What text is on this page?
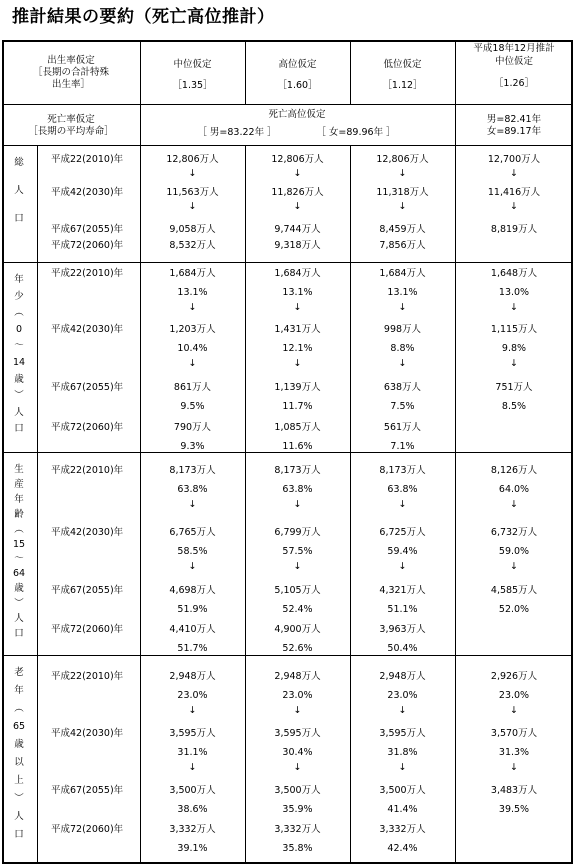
推計結果の要約（死亡高位推計）
出生率仮定
［長期の合計特殊
出生率］
中位仮定
［1.35］
高位仮定
［1.60］
低位仮定
［1.12］
平成18年12月推計
中位仮定
［1.26］
死亡率仮定
［長期の平均寿命］
死亡高位仮定
［ 男=83.22年 ］	［ 女=89.96年 ］
男=82.41年
女=89.17年
総
人
口
年
少
︵
0
～
14
歳
︶
人
口
生
産
年
齢
︵
15
～
64
歳
︶
人
口
老
年
︵
65
歳
以
上
︶
人
口
平成22(2010)年
平成42(2030)年
平成67(2055)年
平成72(2060)年
12,806万人
↓
11,563万人
↓
9,058万人
8,532万人
12,806万人
↓
11,826万人
↓
9,744万人
9,318万人
12,806万人
↓
11,318万人
↓
8,459万人
7,856万人
12,700万人
↓
11,416万人
↓
8,819万人
平成22(2010)年
平成42(2030)年
平成67(2055)年
平成72(2060)年
1,684万人
13.1%
↓
1,203万人
10.4%
↓
861万人
9.5%
790万人
9.3%
1,684万人
13.1%
↓
1,431万人
12.1%
↓
1,139万人
11.7%
1,085万人
11.6%
1,684万人
13.1%
↓
998万人
8.8%
↓
638万人
7.5%
561万人
7.1%
1,648万人
13.0%
↓
1,115万人
9.8%
↓
751万人
8.5%
平成22(2010)年
平成42(2030)年
平成67(2055)年
平成72(2060)年
8,173万人
63.8%
↓
6,765万人
58.5%
↓
4,698万人
51.9%
4,410万人
51.7%
8,173万人
63.8%
↓
6,799万人
57.5%
↓
5,105万人
52.4%
4,900万人
52.6%
8,173万人
63.8%
↓
6,725万人
59.4%
↓
4,321万人
51.1%
3,963万人
50.4%
8,126万人
64.0%
↓
6,732万人
59.0%
↓
4,585万人
52.0%
平成22(2010)年
平成42(2030)年
平成67(2055)年
平成72(2060)年
2,948万人
23.0%
↓
3,595万人
31.1%
↓
3,500万人
38.6%
3,332万人
39.1%
2,948万人
23.0%
↓
3,595万人
30.4%
↓
3,500万人
35.9%
3,332万人
35.8%
2,948万人
23.0%
↓
3,595万人
31.8%
↓
3,500万人
41.4%
3,332万人
42.4%
2,926万人
23.0%
↓
3,570万人
31.3%
↓
3,483万人
39.5%
